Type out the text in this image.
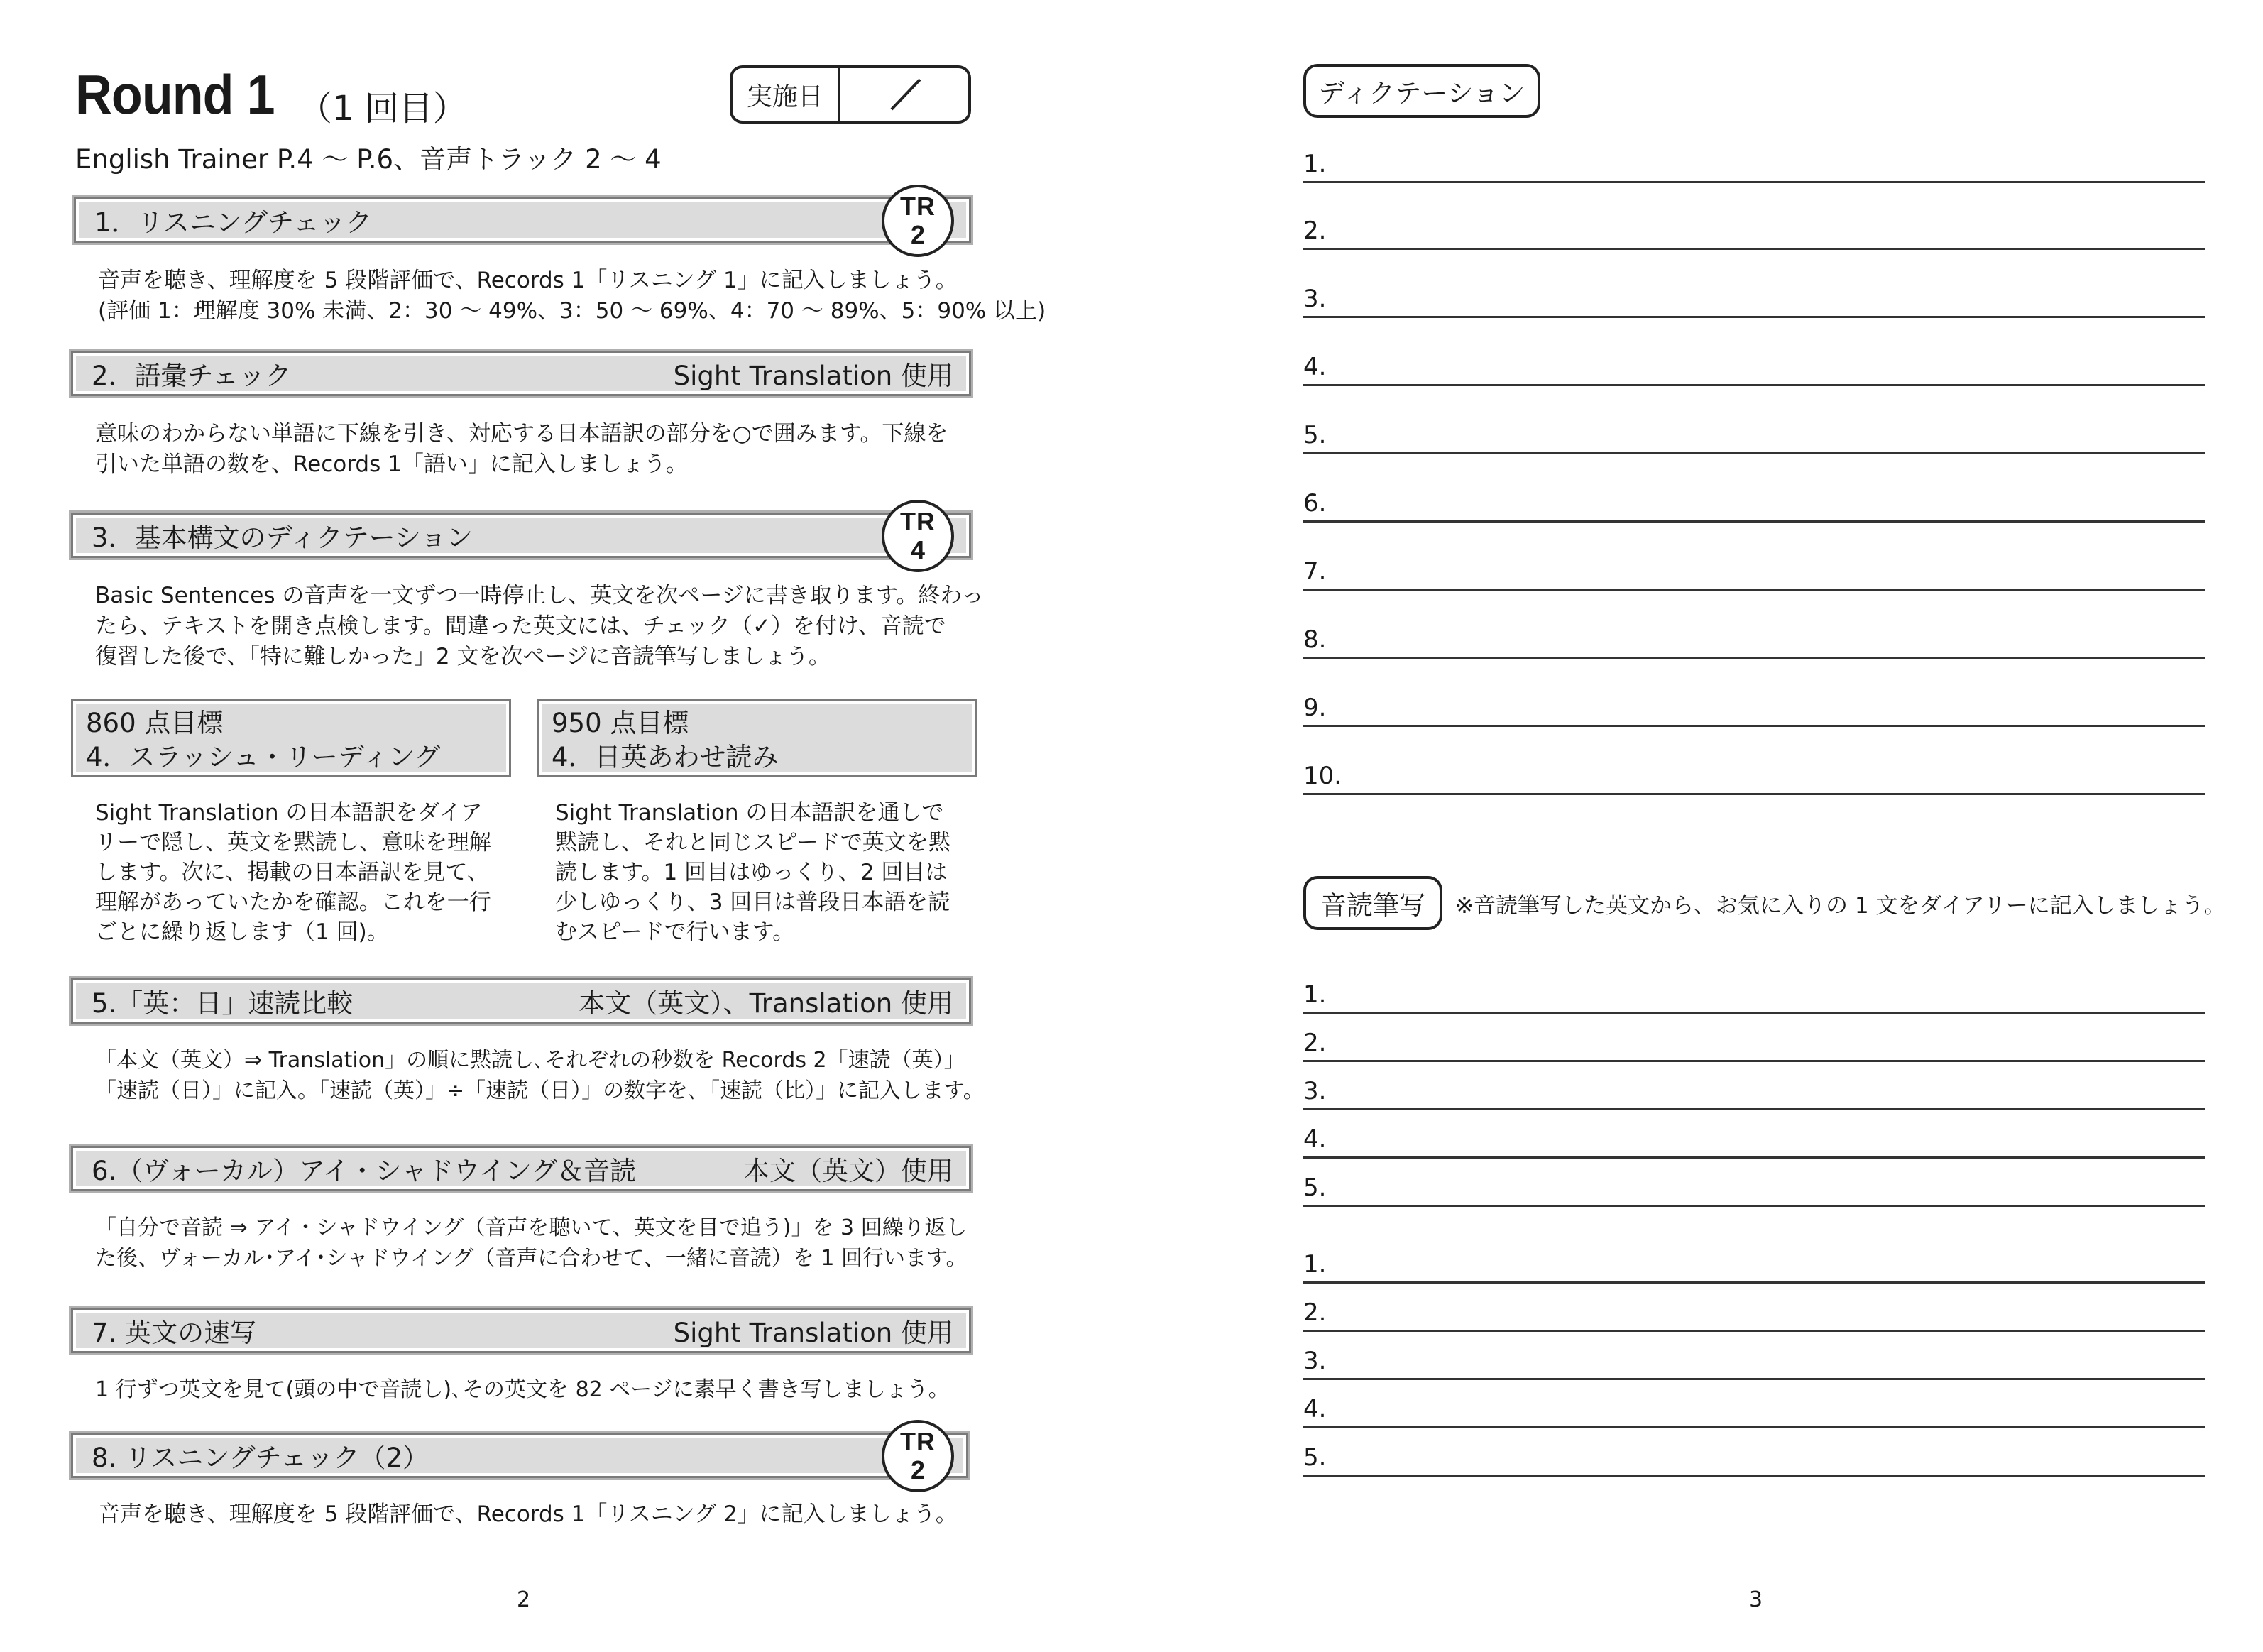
Round 1 （1 回目）	実施日
English Trainer P.4 ～ P.6、音声トラック 2 ～ 4
1．リスニングチェック
TR
2
音声を聴き、理解度を 5 段階評価で、Records 1「リスニング 1」に記入しましょう。
(評価 1：理解度 30% 未満、2：30 ～ 49%、3：50 ～ 69%、4：70 ～ 89%、5：90% 以上)
2．語彙チェック	Sight Translation 使用
意味のわからない単語に下線を引き、対応する日本語訳の部分を○で囲みます。下線を
引いた単語の数を、Records 1「語い」に記入しましょう。
3．基本構文のディクテーション
TR
4
Basic Sentences の音声を一文ずつ一時停止し、英文を次ページに書き取ります。終わっ
たら、テキストを開き点検します。間違った英文には、チェック（✓）を付け、音読で
復習した後で、「特に難しかった」2 文を次ページに音読筆写しましょう。
860 点目標
4．スラッシュ・リーディング
950 点目標
4．日英あわせ読み
Sight Translation の日本語訳をダイア
リーで隠し、英文を黙読し、意味を理解
します。次に、掲載の日本語訳を見て、
理解があっていたかを確認。これを一行
ごとに繰り返します（1 回)。
Sight Translation の日本語訳を通しで
黙読し、それと同じスピードで英文を黙
読します。1 回目はゆっくり、2 回目は
少しゆっくり、3 回目は普段日本語を読
むスピードで行います。
5.「英：日」速読比較	本文（英文）、Translation 使用
「本文（英文）⇒ Translation」の順に黙読し､それぞれの秒数を Records 2「速読（英）」
「速読（日）」に記入。「速読（英）」÷「速読（日）」の数字を､「速読（比）」に記入します。
6.（ヴォーカル）アイ・シャドウイング＆音読	本文（英文）使用
「自分で音読 ⇒ アイ・シャドウイング（音声を聴いて、英文を目で追う)」を 3 回繰り返し
た後、ヴォーカル･アイ･シャドウイング（音声に合わせて、一緒に音読）を 1 回行います。
7. 英文の速写	Sight Translation 使用
1 行ずつ英文を見て(頭の中で音読し)､その英文を 82 ページに素早く書き写しましょう。
8. リスニングチェック（2）
TR
2
音声を聴き、理解度を 5 段階評価で、Records 1「リスニング 2」に記入しましょう。
2
ディクテーション
1.
2.
3.
4.
5.
6.
7.
8.
9.
10.
音読筆写	※音読筆写した英文から、お気に入りの 1 文をダイアリーに記入しましょう。
1.
2.
3.
4.
5.
1.
2.
3.
4.
5.
3
